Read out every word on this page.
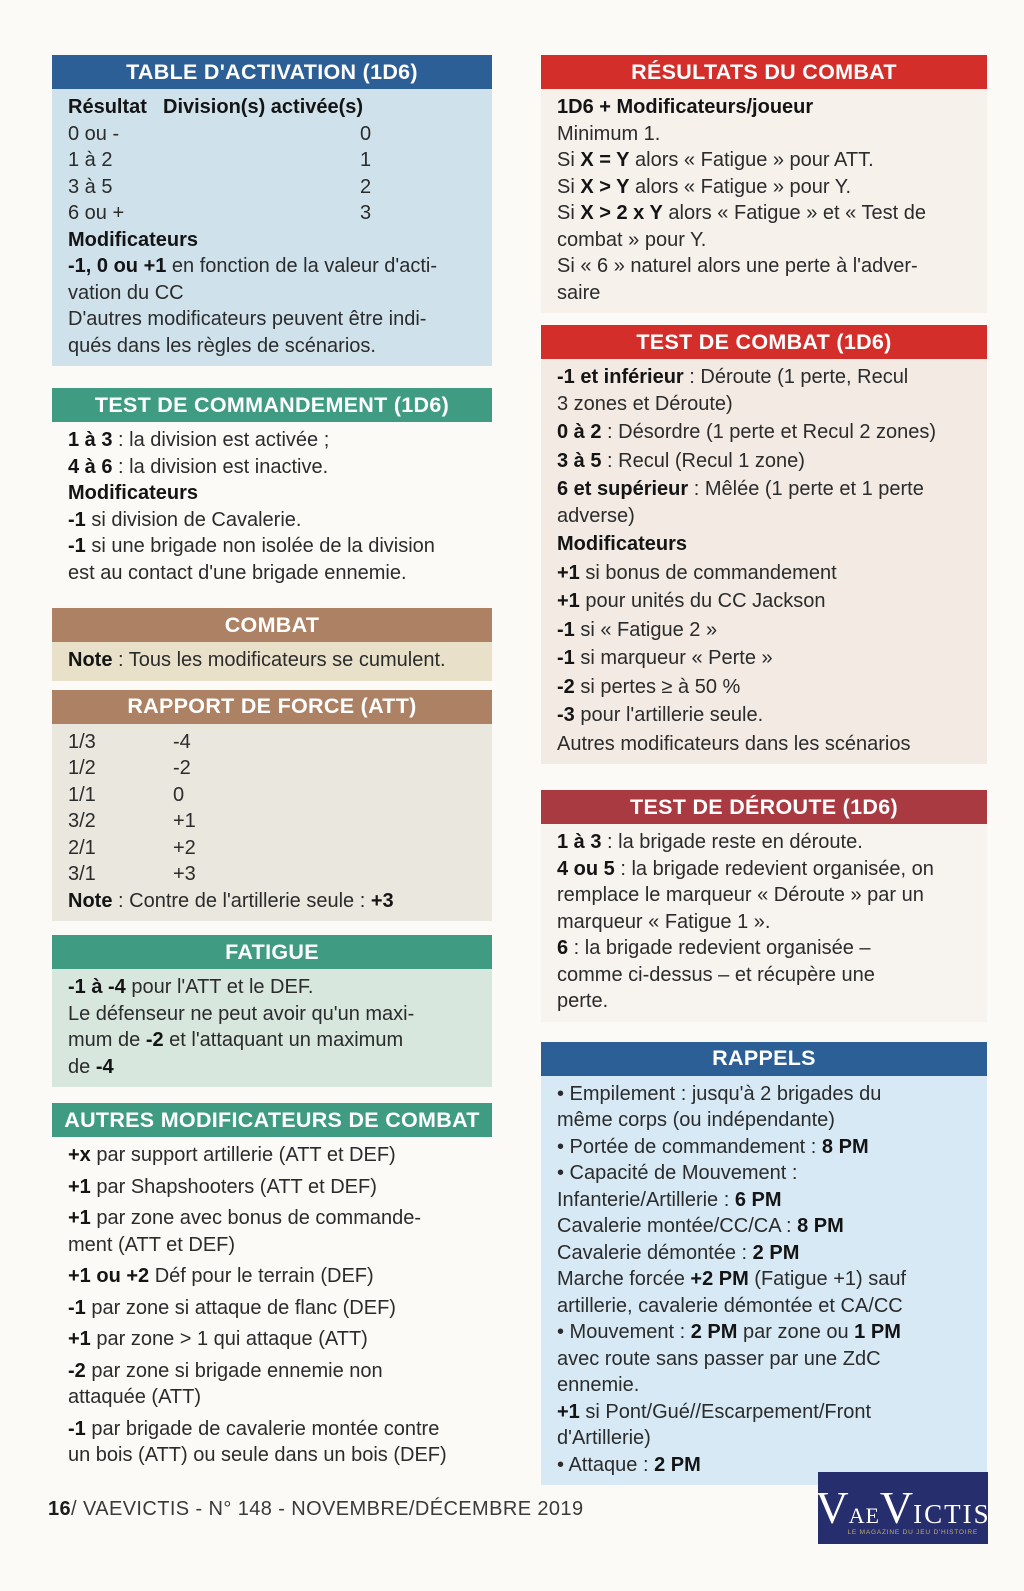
TABLE D'ACTIVATION (1D6)
Résultat Division(s) activée(s)
0 ou -	0
1 à 2	1
3 à 5	2
6 ou +	3

Modificateurs

-1, 0 ou +1 en fonction de la valeur d'acti-
vation du CC

D'autres modificateurs peuvent être indi-
qués dans les règles de scénarios.

TEST DE COMMANDEMENT (1D6)

1 à 3 : la division est activée ;

4 à 6 : la division est inactive.

Modificateurs

-1 si division de Cavalerie.

-1 si une brigade non isolée de la division
est au contact d'une brigade ennemie.

COMBAT

Note : Tous les modificateurs se cumulent.

RAPPORT DE FORCE (ATT)
1/3	-4
1/2	-2
1/1	0
3/2	+1
2/1	+2
3/1	+3

Note : Contre de l'artillerie seule : +3

FATIGUE

-1 à -4 pour l'ATT et le DEF.

Le défenseur ne peut avoir qu'un maxi-
mum de -2 et l'attaquant un maximum
de -4

AUTRES MODIFICATEURS DE COMBAT

+x par support artillerie (ATT et DEF)

+1 par Shapshooters (ATT et DEF)

+1 par zone avec bonus de commande-
ment (ATT et DEF)

+1 ou +2 Déf pour le terrain (DEF)

-1 par zone si attaque de flanc (DEF)

+1 par zone > 1 qui attaque (ATT)

-2 par zone si brigade ennemie non
attaquée (ATT)

-1 par brigade de cavalerie montée contre
un bois (ATT) ou seule dans un bois (DEF)

RÉSULTATS DU COMBAT

1D6 + Modificateurs/joueur

Minimum 1.

Si X = Y alors « Fatigue » pour ATT.

Si X > Y alors « Fatigue » pour Y.

Si X > 2 x Y alors « Fatigue » et « Test de
combat » pour Y.

Si « 6 » naturel alors une perte à l'adver-
saire

TEST DE COMBAT (1D6)

-1 et inférieur : Déroute (1 perte, Recul
3 zones et Déroute)

0 à 2 : Désordre (1 perte et Recul 2 zones)

3 à 5 : Recul (Recul 1 zone)

6 et supérieur : Mêlée (1 perte et 1 perte
adverse)

Modificateurs

+1 si bonus de commandement

+1 pour unités du CC Jackson

-1 si « Fatigue 2 »

-1 si marqueur « Perte »

-2 si pertes ≥ à 50 %

-3 pour l'artillerie seule.

Autres modificateurs dans les scénarios

TEST DE DÉROUTE (1D6)

1 à 3 : la brigade reste en déroute.

4 ou 5 : la brigade redevient organisée, on
remplace le marqueur « Déroute » par un
marqueur « Fatigue 1 ».

6 : la brigade redevient organisée –
comme ci-dessus – et récupère une
perte.

RAPPELS

• Empilement : jusqu'à 2 brigades du
même corps (ou indépendante)

• Portée de commandement : 8 PM

• Capacité de Mouvement :

Infanterie/Artillerie : 6 PM

Cavalerie montée/CC/CA : 8 PM

Cavalerie démontée : 2 PM

Marche forcée +2 PM (Fatigue +1) sauf
artillerie, cavalerie démontée et CA/CC

• Mouvement : 2 PM par zone ou 1 PM
avec route sans passer par une ZdC
ennemie.

+1 si Pont/Gué//Escarpement/Front
d'Artillerie)

• Attaque : 2 PM

16/ VAEVICTIS - N° 148 - NOVEMBRE/DÉCEMBRE 2019	VAEVICTIS
LE MAGAZINE DU JEU D'HISTOIRE
